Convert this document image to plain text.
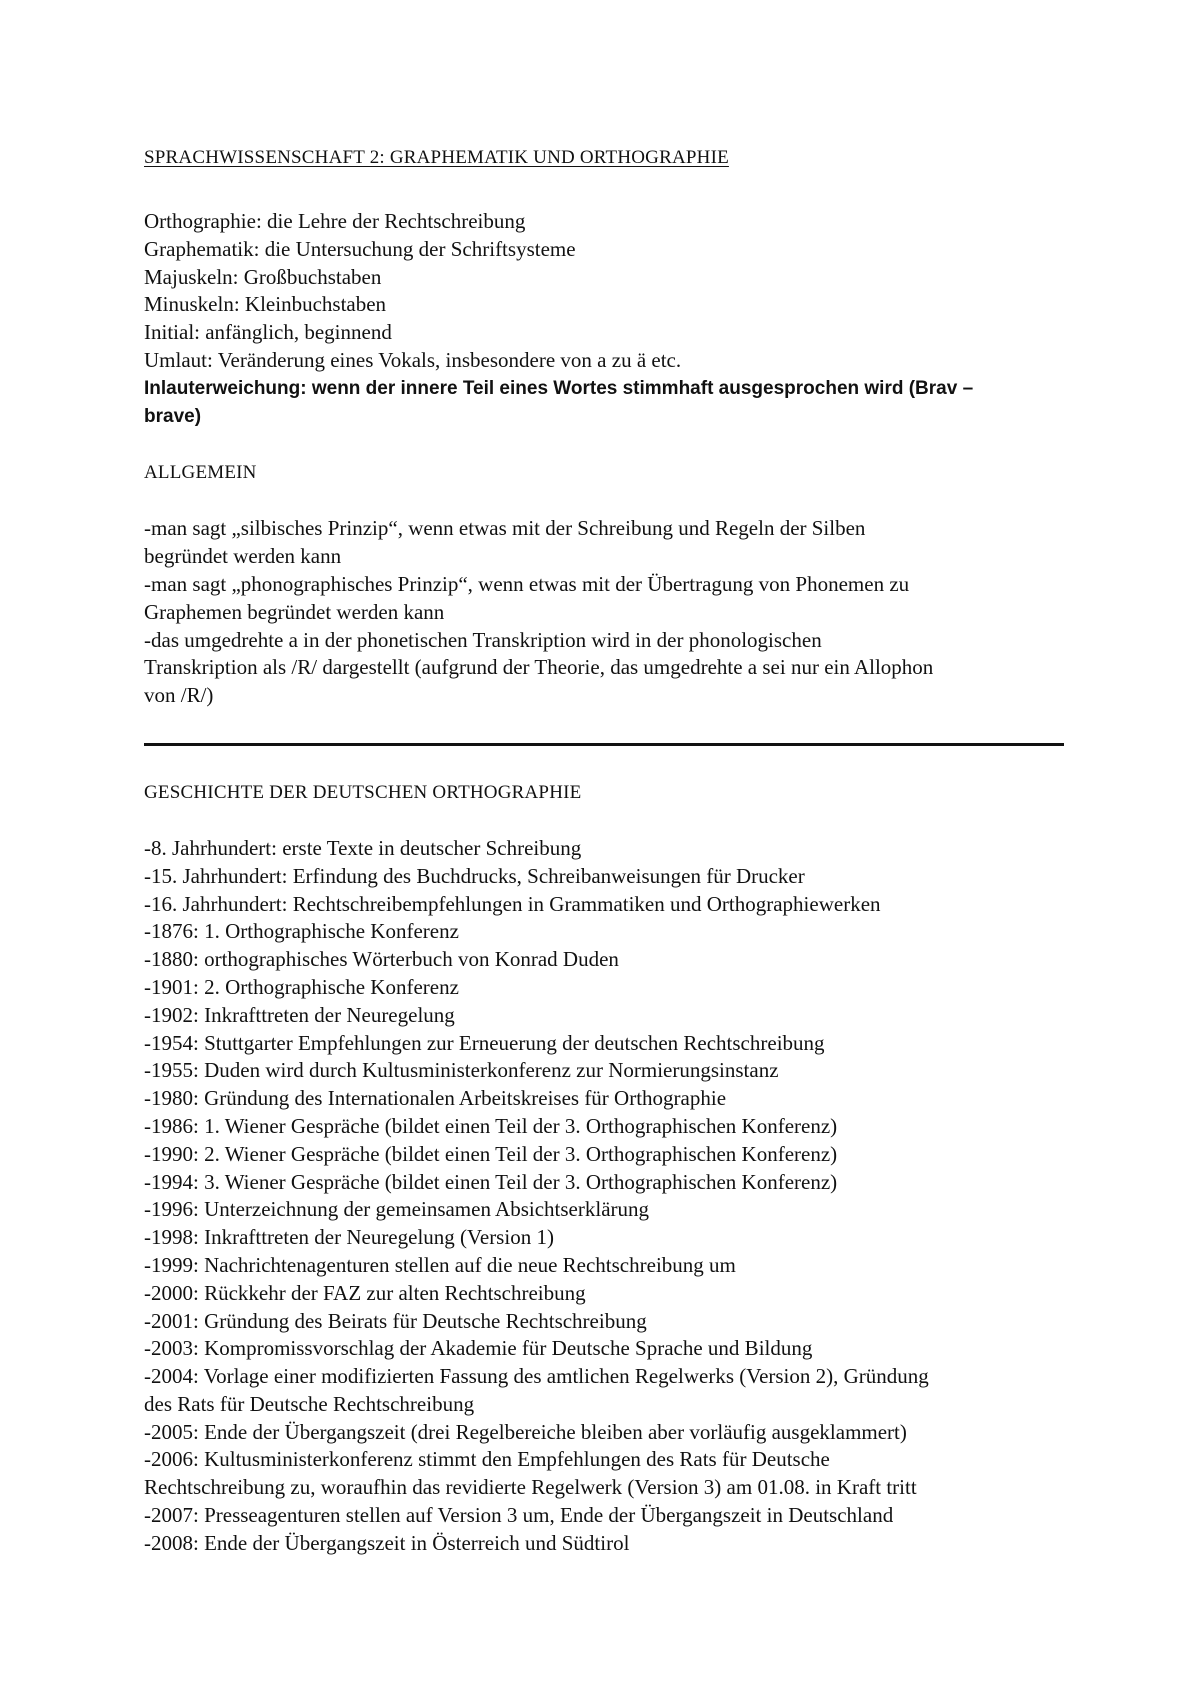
SPRACHWISSENSCHAFT 2: GRAPHEMATIK UND ORTHOGRAPHIE

Orthographie: die Lehre der Rechtschreibung

Graphematik: die Untersuchung der Schriftsysteme

Majuskeln: Großbuchstaben

Minuskeln: Kleinbuchstaben

Initial: anfänglich, beginnend

Umlaut: Veränderung eines Vokals, insbesondere von a zu ä etc.

Inlauterweichung: wenn der innere Teil eines Wortes stimmhaft ausgesprochen wird (Brav –

brave)

ALLGEMEIN

-man sagt „silbisches Prinzip“, wenn etwas mit der Schreibung und Regeln der Silben

begründet werden kann

-man sagt „phonographisches Prinzip“, wenn etwas mit der Übertragung von Phonemen zu

Graphemen begründet werden kann

-das umgedrehte a in der phonetischen Transkription wird in der phonologischen

Transkription als /R/ dargestellt (aufgrund der Theorie, das umgedrehte a sei nur ein Allophon

von /R/)

GESCHICHTE DER DEUTSCHEN ORTHOGRAPHIE

-8. Jahrhundert: erste Texte in deutscher Schreibung

-15. Jahrhundert: Erfindung des Buchdrucks, Schreibanweisungen für Drucker

-16. Jahrhundert: Rechtschreibempfehlungen in Grammatiken und Orthographiewerken

-1876: 1. Orthographische Konferenz

-1880: orthographisches Wörterbuch von Konrad Duden

-1901: 2. Orthographische Konferenz

-1902: Inkrafttreten der Neuregelung

-1954: Stuttgarter Empfehlungen zur Erneuerung der deutschen Rechtschreibung

-1955: Duden wird durch Kultusministerkonferenz zur Normierungsinstanz

-1980: Gründung des Internationalen Arbeitskreises für Orthographie

-1986: 1. Wiener Gespräche (bildet einen Teil der 3. Orthographischen Konferenz)

-1990: 2. Wiener Gespräche (bildet einen Teil der 3. Orthographischen Konferenz)

-1994: 3. Wiener Gespräche (bildet einen Teil der 3. Orthographischen Konferenz)

-1996: Unterzeichnung der gemeinsamen Absichtserklärung

-1998: Inkrafttreten der Neuregelung (Version 1)

-1999: Nachrichtenagenturen stellen auf die neue Rechtschreibung um

-2000: Rückkehr der FAZ zur alten Rechtschreibung

-2001: Gründung des Beirats für Deutsche Rechtschreibung

-2003: Kompromissvorschlag der Akademie für Deutsche Sprache und Bildung

-2004: Vorlage einer modifizierten Fassung des amtlichen Regelwerks (Version 2), Gründung

des Rats für Deutsche Rechtschreibung

-2005: Ende der Übergangszeit (drei Regelbereiche bleiben aber vorläufig ausgeklammert)

-2006: Kultusministerkonferenz stimmt den Empfehlungen des Rats für Deutsche

Rechtschreibung zu, woraufhin das revidierte Regelwerk (Version 3) am 01.08. in Kraft tritt

-2007: Presseagenturen stellen auf Version 3 um, Ende der Übergangszeit in Deutschland

-2008: Ende der Übergangszeit in Österreich und Südtirol
